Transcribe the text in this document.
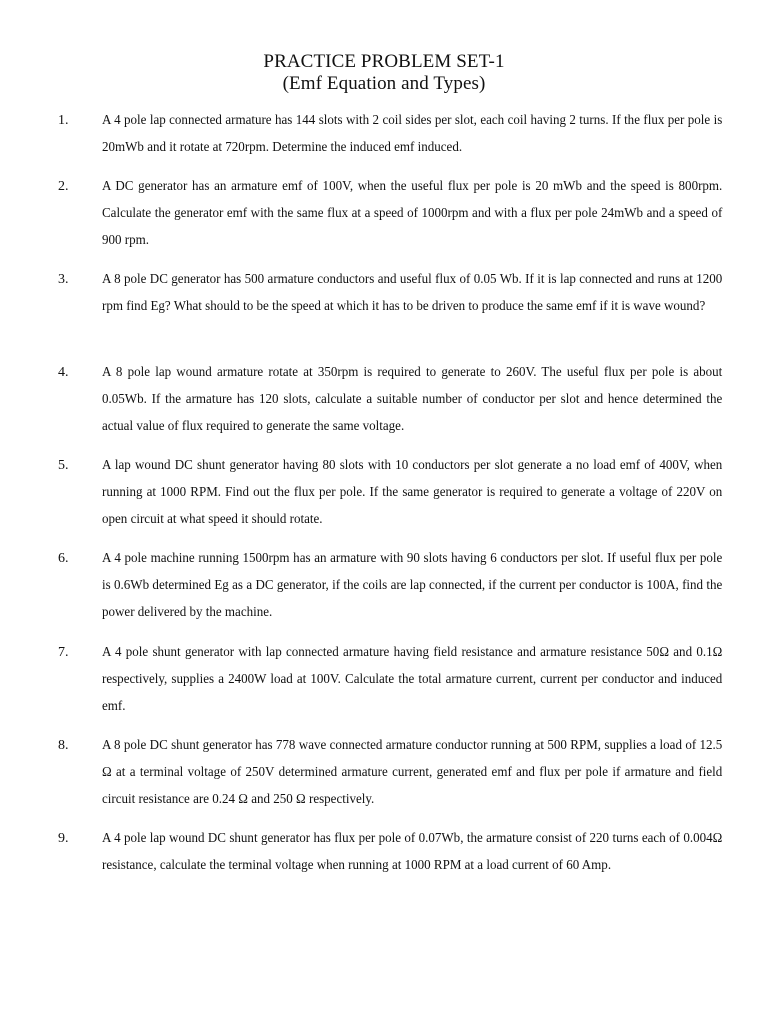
PRACTICE PROBLEM SET-1
(Emf Equation and Types)
1. A 4 pole lap connected armature has 144 slots with 2 coil sides per slot, each coil having 2 turns. If the flux per pole is 20mWb and it rotate at 720rpm. Determine the induced emf induced.
2. A DC generator has an armature emf of 100V, when the useful flux per pole is 20 mWb and the speed is 800rpm. Calculate the generator emf with the same flux at a speed of 1000rpm and with a flux per pole 24mWb and a speed of 900 rpm.
3. A 8 pole DC generator has 500 armature conductors and useful flux of 0.05 Wb. If it is lap connected and runs at 1200 rpm find Eg? What should to be the speed at which it has to be driven to produce the same emf if it is wave wound?
4. A 8 pole lap wound armature rotate at 350rpm is required to generate to 260V. The useful flux per pole is about 0.05Wb. If the armature has 120 slots, calculate a suitable number of conductor per slot and hence determined the actual value of flux required to generate the same voltage.
5. A lap wound DC shunt generator having 80 slots with 10 conductors per slot generate a no load emf of 400V, when running at 1000 RPM. Find out the flux per pole. If the same generator is required to generate a voltage of 220V on open circuit at what speed it should rotate.
6. A 4 pole machine running 1500rpm has an armature with 90 slots having 6 conductors per slot. If useful flux per pole is 0.6Wb determined Eg as a DC generator, if the coils are lap connected, if the current per conductor is 100A, find the power delivered by the machine.
7. A 4 pole shunt generator with lap connected armature having field resistance and armature resistance 50Ω and 0.1Ω respectively, supplies a 2400W load at 100V. Calculate the total armature current, current per conductor and induced emf.
8. A 8 pole DC shunt generator has 778 wave connected armature conductor running at 500 RPM, supplies a load of 12.5 Ω at a terminal voltage of 250V determined armature current, generated emf and flux per pole if armature and field circuit resistance are 0.24 Ω and 250 Ω respectively.
9. A 4 pole lap wound DC shunt generator has flux per pole of 0.07Wb, the armature consist of 220 turns each of 0.004Ω resistance, calculate the terminal voltage when running at 1000 RPM at a load current of 60 Amp.
